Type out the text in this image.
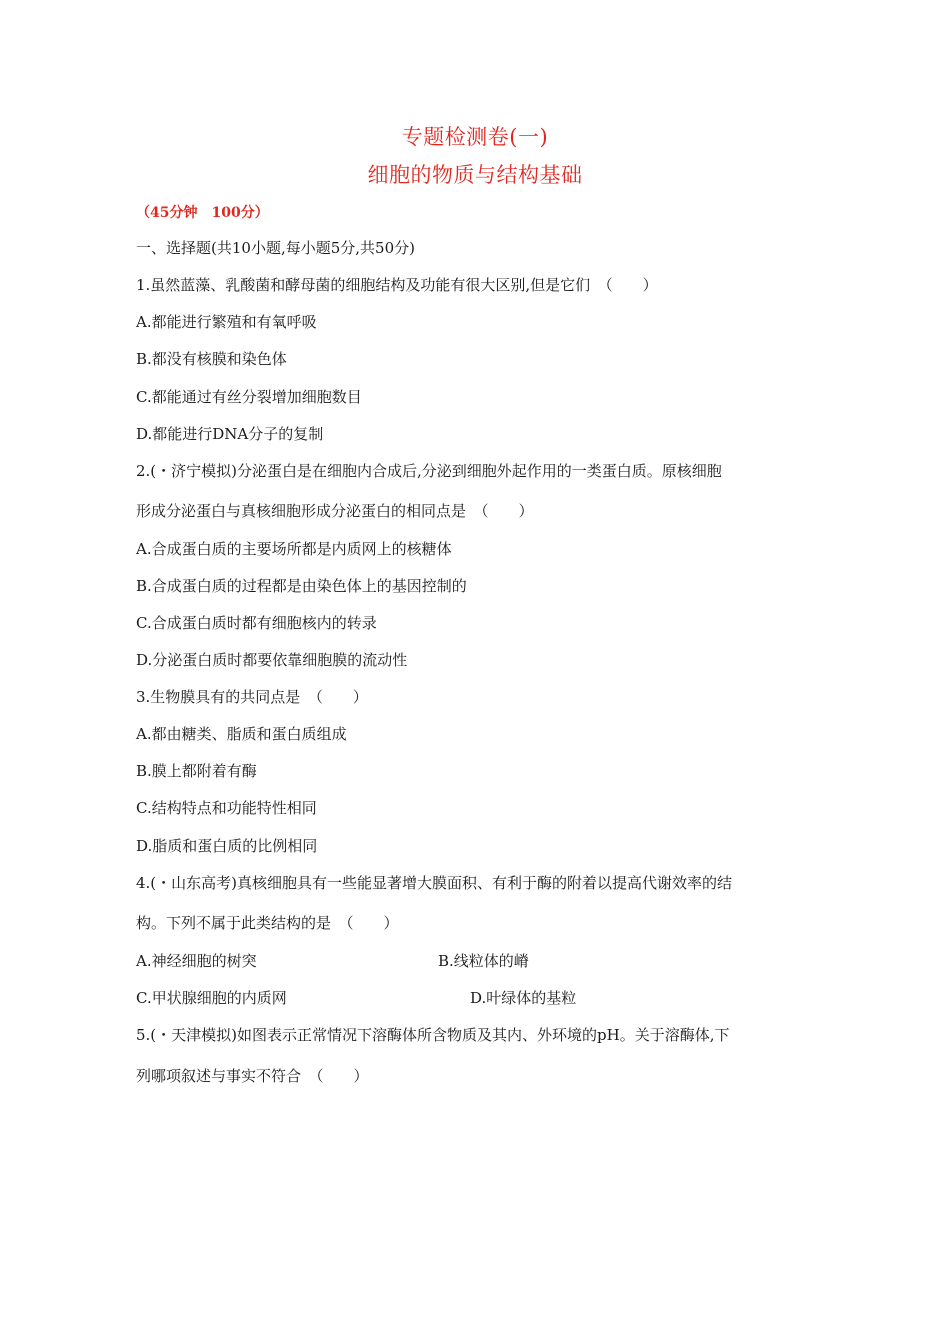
专题检测卷(一)
细胞的物质与结构基础
（45分钟　100分）
一、选择题(共10小题,每小题5分,共50分)
1.虽然蓝藻、乳酸菌和酵母菌的细胞结构及功能有很大区别,但是它们　（　　）
A.都能进行繁殖和有氧呼吸
B.都没有核膜和染色体
C.都能通过有丝分裂增加细胞数目
D.都能进行DNA分子的复制
2.(・济宁模拟)分泌蛋白是在细胞内合成后,分泌到细胞外起作用的一类蛋白质。原核细胞
形成分泌蛋白与真核细胞形成分泌蛋白的相同点是　（　　）
A.合成蛋白质的主要场所都是内质网上的核糖体
B.合成蛋白质的过程都是由染色体上的基因控制的
C.合成蛋白质时都有细胞核内的转录
D.分泌蛋白质时都要依靠细胞膜的流动性
3.生物膜具有的共同点是　（　　）
A.都由糖类、脂质和蛋白质组成
B.膜上都附着有酶
C.结构特点和功能特性相同
D.脂质和蛋白质的比例相同
4.(・山东高考)真核细胞具有一些能显著增大膜面积、有利于酶的附着以提高代谢效率的结
构。下列不属于此类结构的是　（　　）
A.神经细胞的树突	B.线粒体的嵴
C.甲状腺细胞的内质网	D.叶绿体的基粒
5.(・天津模拟)如图表示正常情况下溶酶体所含物质及其内、外环境的pH。关于溶酶体,下
列哪项叙述与事实不符合　（　　）
